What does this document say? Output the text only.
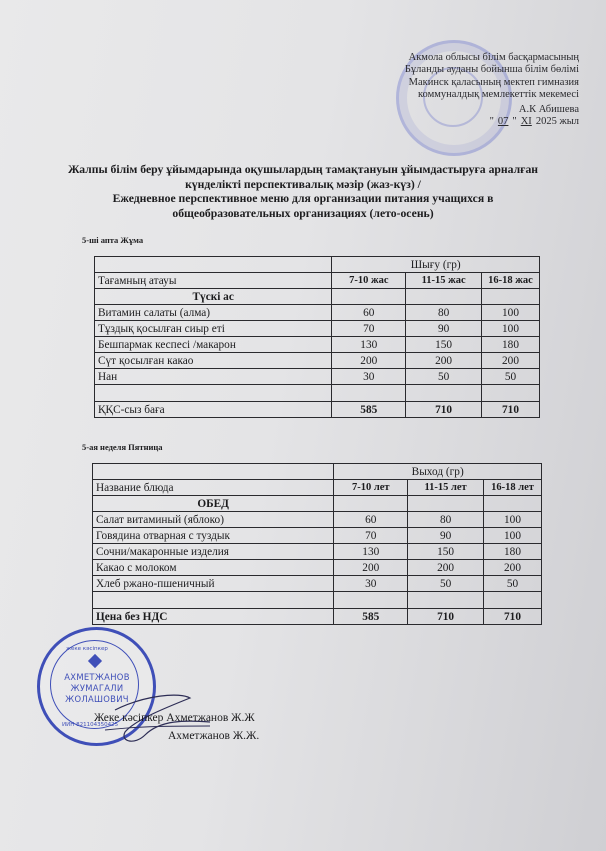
Акмола облысы білім басқармасының
Бұланды ауданы бойынша білім бөлімі
Макинск қаласының мектеп гимназия
коммуналдық мемлекеттік мекемесі
А.К Абишева
" 07 " XI 2025 жыл
Жалпы білім беру ұйымдарында оқушылардың тамақтануын ұйымдастыруға арналған
күнделікті перспективалық мәзір (жаз-күз) /
Ежедневное перспективное меню для организации питания учащихся в
общеобразовательных организациях (лето-осень)
5-ші апта Жұма
	Шығу (гр)		
Тағамның атауы	7-10 жас	11-15 жас	16-18 жас
Түскі ас			
Витамин салаты (алма)	60	80	100
Тұздық қосылған сиыр еті	70	90	100
Бешпармак кеспесі /макарон	130	150	180
Сүт қосылған какао	200	200	200
Нан	30	50	50

ҚҚС-сыз баға	585	710	710
5-ая неделя Пятница
	Выход (гр)		
Название блюда	7-10 лет	11-15 лет	16-18 лет
ОБЕД			
Салат витаминый (яблоко)	60	80	100
Говядина отварная с туздык	70	90	100
Сочни/макаронные изделия	130	150	180
Какао с молоком	200	200	200
Хлеб ржано-пшеничный	30	50	50

Цена без НДС	585	710	710
АХМЕТЖАНОВ
ЖУМАГАЛИ
ЖОЛАШОВИЧ
жеке кәсіпкер
ИИН 821104350425
Жеке кәсіпкер Ахметжанов Ж.Ж
Ахметжанов Ж.Ж.
